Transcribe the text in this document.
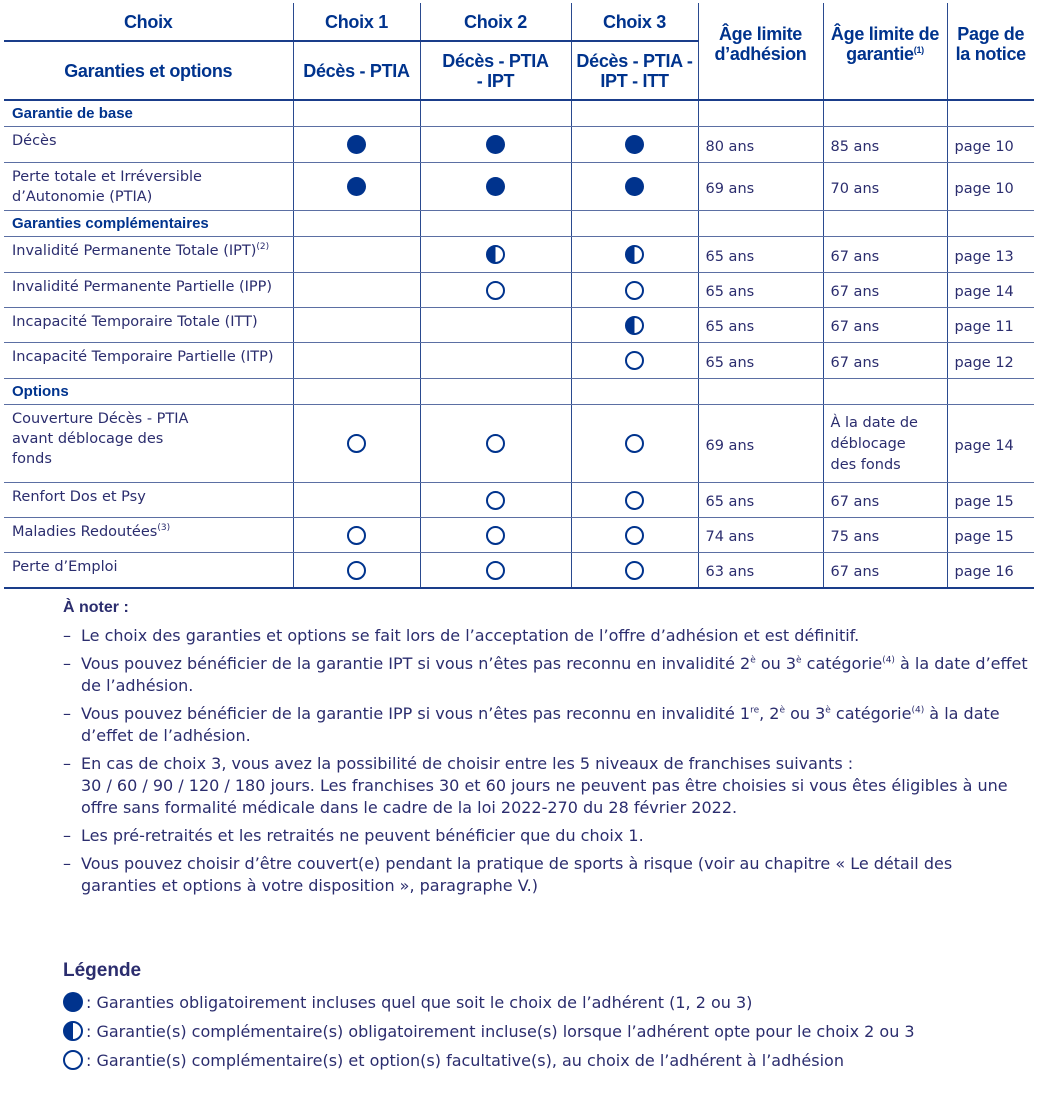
Choix	Choix 1	Choix 2	Choix 3	Âge limite d’adhésion	Âge limite de garantie$^{(1)}$	Page de la notice
Garanties et options	Décès - PTIA	Décès - PTIA - IPT	Décès - PTIA - IPT - ITT			
Garantie de base						
Décès				80 ans	85 ans	page 10
Perte totale et Irréversible d’Autonomie (PTIA)				69 ans	70 ans	page 10
Garanties complémentaires						
Invalidité Permanente Totale (IPT)$^{(2)}$				65 ans	67 ans	page 13
Invalidité Permanente Partielle (IPP)				65 ans	67 ans	page 14
Incapacité Temporaire Totale (ITT)				65 ans	67 ans	page 11
Incapacité Temporaire Partielle (ITP)				65 ans	67 ans	page 12
Options						
Couverture Décès - PTIA avant déblocage des fonds				69 ans	À la date de déblocage des fonds	page 14
Renfort Dos et Psy				65 ans	67 ans	page 15
Maladies Redoutées$^{(3)}$				74 ans	75 ans	page 15
Perte d’Emploi				63 ans	67 ans	page 16
À noter :
– Le choix des garanties et options se fait lors de l’acceptation de l’offre d’adhésion et est définitif.
– Vous pouvez bénéficier de la garantie IPT si vous n’êtes pas reconnu en invalidité $2^è$ ou $3^è$ catégorie$^{(4)}$ à la date d’effet de l’adhésion.
– Vous pouvez bénéficier de la garantie IPP si vous n’êtes pas reconnu en invalidité 1re, $2^è$ ou $3^è$ catégorie$^{(4)}$ à la date d’effet de l’adhésion.
– En cas de choix 3, vous avez la possibilité de choisir entre les 5 niveaux de franchises suivants :
30 / 60 / 90 / 120 / 180 jours. Les franchises 30 et 60 jours ne peuvent pas être choisies si vous êtes éligibles à une offre sans formalité médicale dans le cadre de la loi 2022-270 du 28 février 2022.
– Les pré-retraités et les retraités ne peuvent bénéficier que du choix 1.
– Vous pouvez choisir d’être couvert(e) pendant la pratique de sports à risque (voir au chapitre « Le détail des garanties et options à votre disposition », paragraphe V.)
Légende
: Garanties obligatoirement incluses quel que soit le choix de l’adhérent (1, 2 ou 3)
: Garantie(s) complémentaire(s) obligatoirement incluse(s) lorsque l’adhérent opte pour le choix 2 ou 3
: Garantie(s) complémentaire(s) et option(s) facultative(s), au choix de l’adhérent à l’adhésion
